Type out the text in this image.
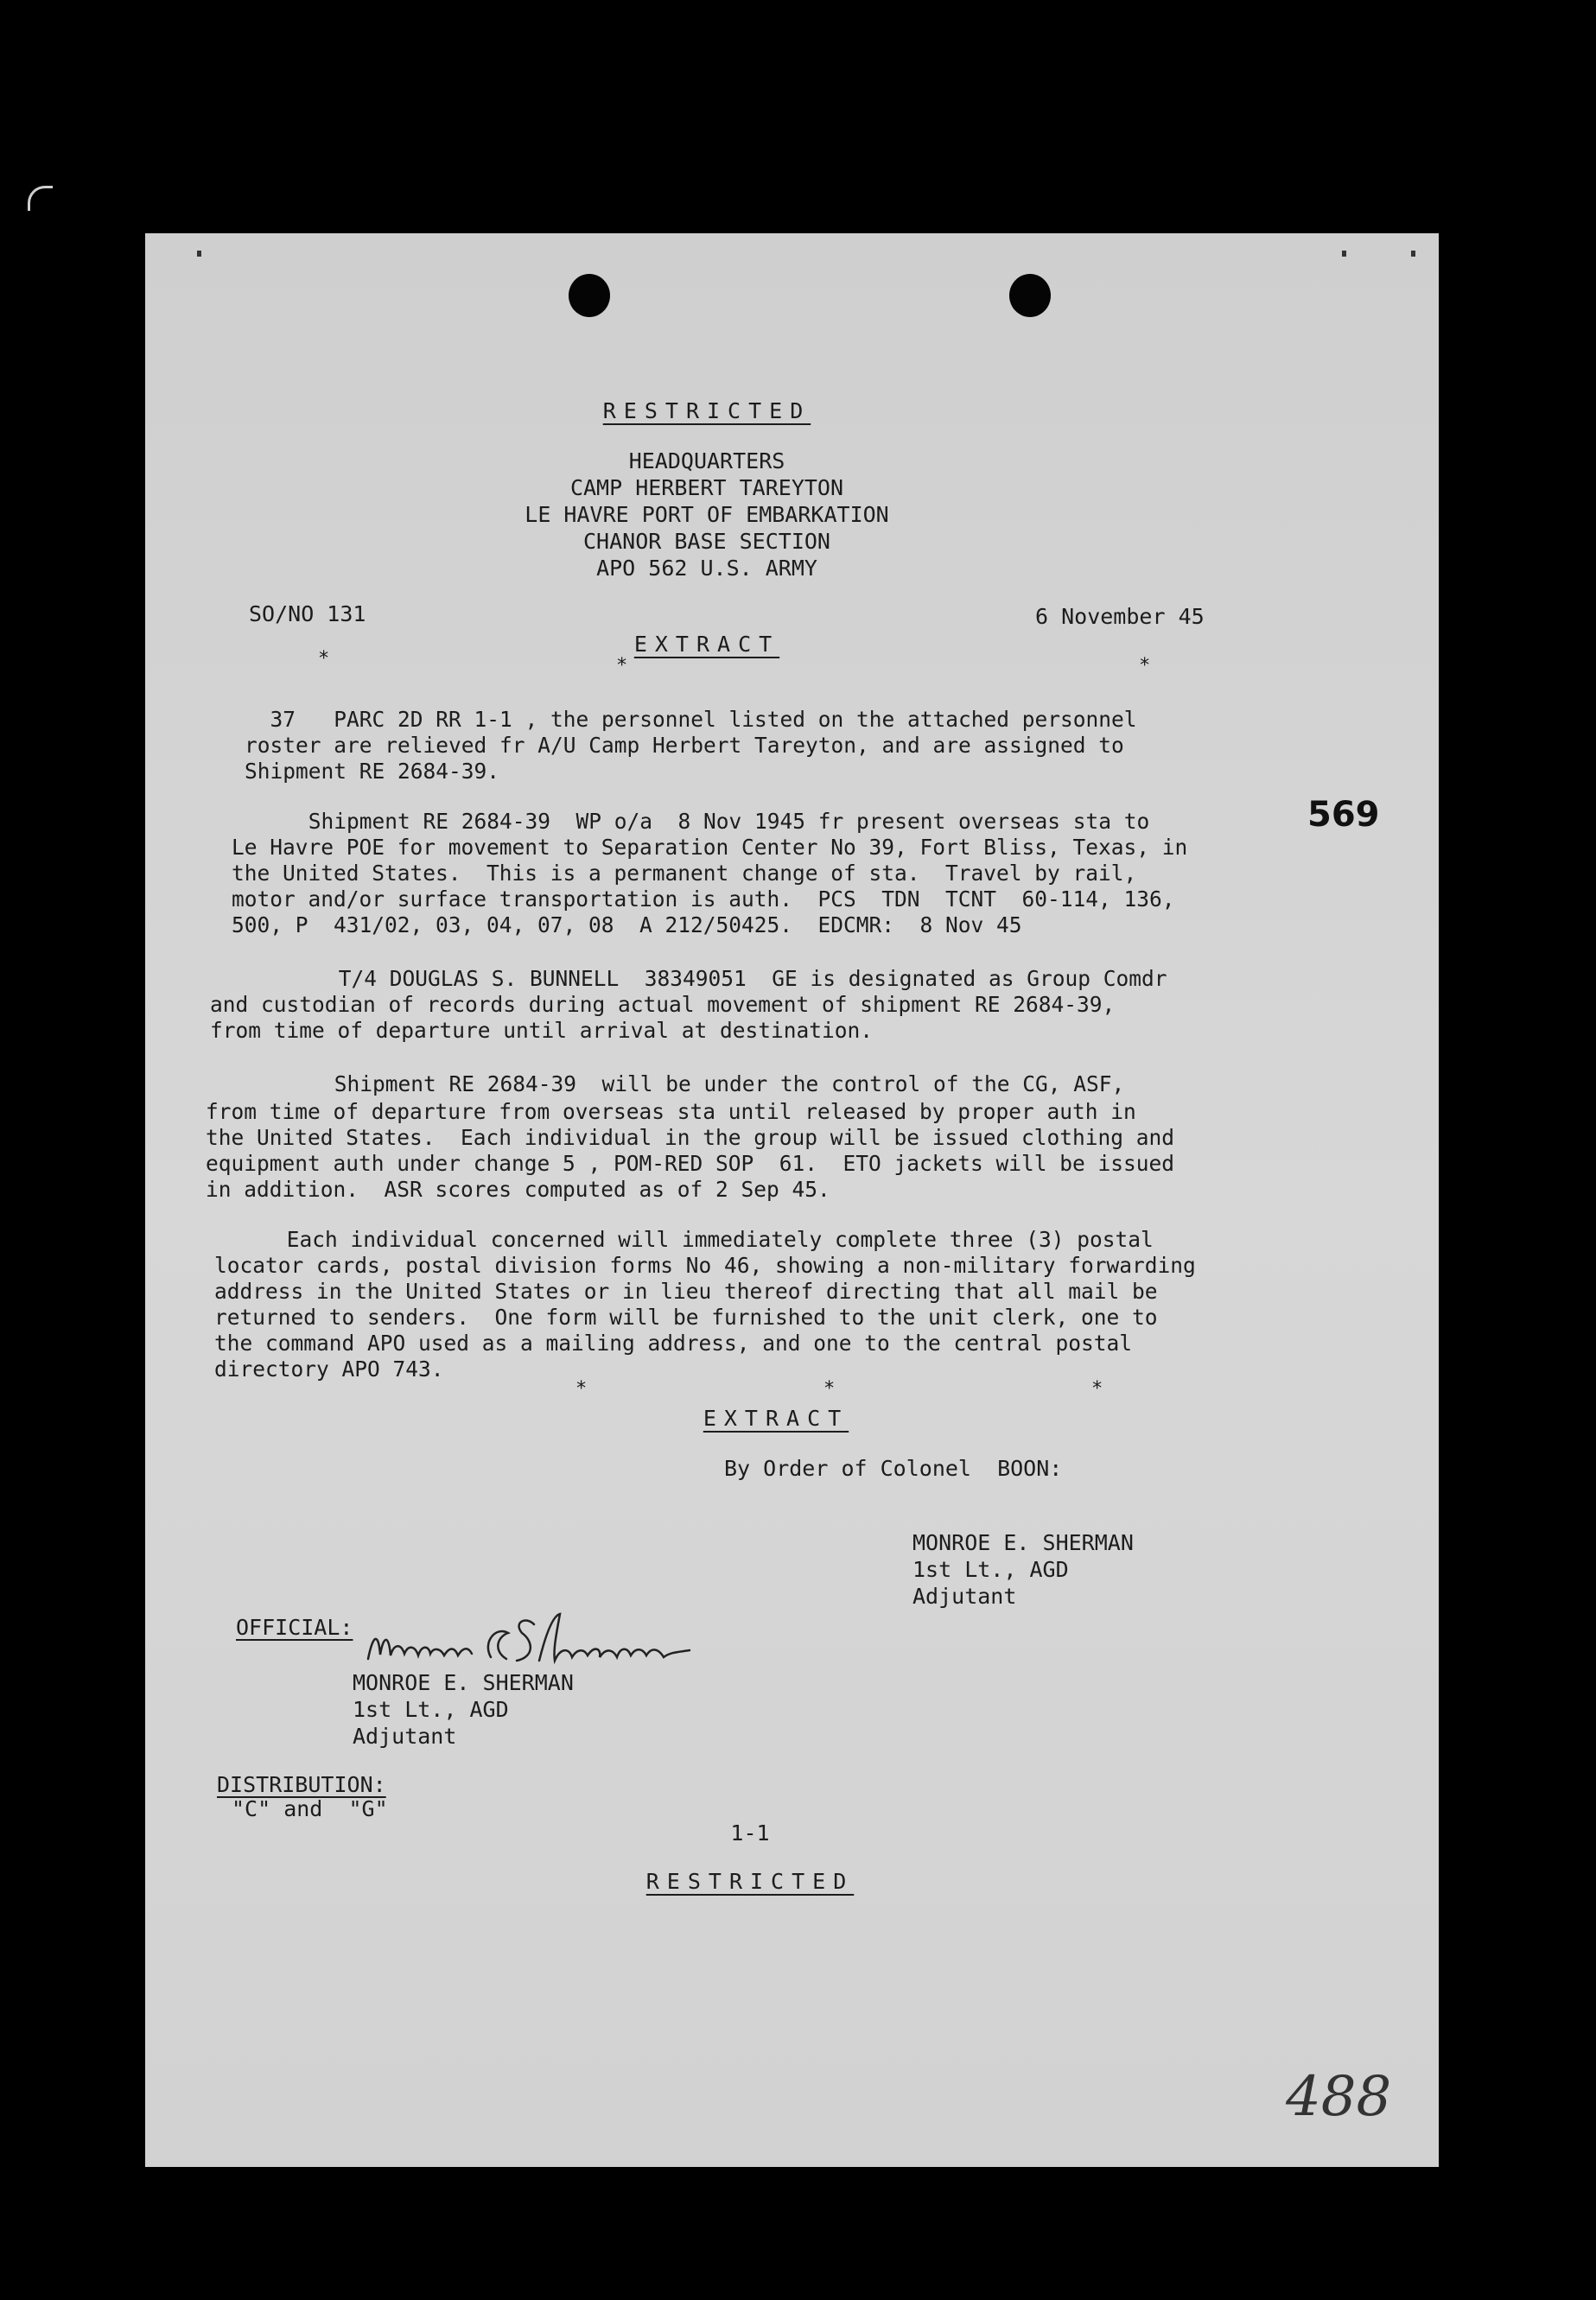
RESTRICTED
HEADQUARTERS
CAMP HERBERT TAREYTON
LE HAVRE PORT OF EMBARKATION
CHANOR BASE SECTION
APO 562 U.S. ARMY
SO/NO 131	6 November 45
EXTRACT
*	*	*
37   PARC 2D RR 1-1 , the personnel listed on the attached personnel
roster are relieved fr A/U Camp Herbert Tareyton, and are assigned to
Shipment RE 2684-39.
569
Shipment RE 2684-39  WP o/a  8 Nov 1945 fr present overseas sta to
Le Havre POE for movement to Separation Center No 39, Fort Bliss, Texas, in
the United States.  This is a permanent change of sta.  Travel by rail,
motor and/or surface transportation is auth.  PCS  TDN  TCNT  60-114, 136,
500, P  431/02, 03, 04, 07, 08  A 212/50425.  EDCMR:  8 Nov 45
T/4 DOUGLAS S. BUNNELL  38349051  GE is designated as Group Comdr
and custodian of records during actual movement of shipment RE 2684-39,
from time of departure until arrival at destination.
Shipment RE 2684-39  will be under the control of the CG, ASF,
from time of departure from overseas sta until released by proper auth in
the United States.  Each individual in the group will be issued clothing and
equipment auth under change 5 , POM-RED SOP  61.  ETO jackets will be issued
in addition.  ASR scores computed as of 2 Sep 45.
Each individual concerned will immediately complete three (3) postal
locator cards, postal division forms No 46, showing a non-military forwarding
address in the United States or in lieu thereof directing that all mail be
returned to senders.  One form will be furnished to the unit clerk, one to
the command APO used as a mailing address, and one to the central postal
directory APO 743.
*	*	*
EXTRACT
By Order of Colonel  BOON:
MONROE E. SHERMAN
1st Lt., AGD
Adjutant
OFFICIAL:
MONROE E. SHERMAN
1st Lt., AGD
Adjutant
DISTRIBUTION:
"C" and  "G"
1-1
RESTRICTED
488
